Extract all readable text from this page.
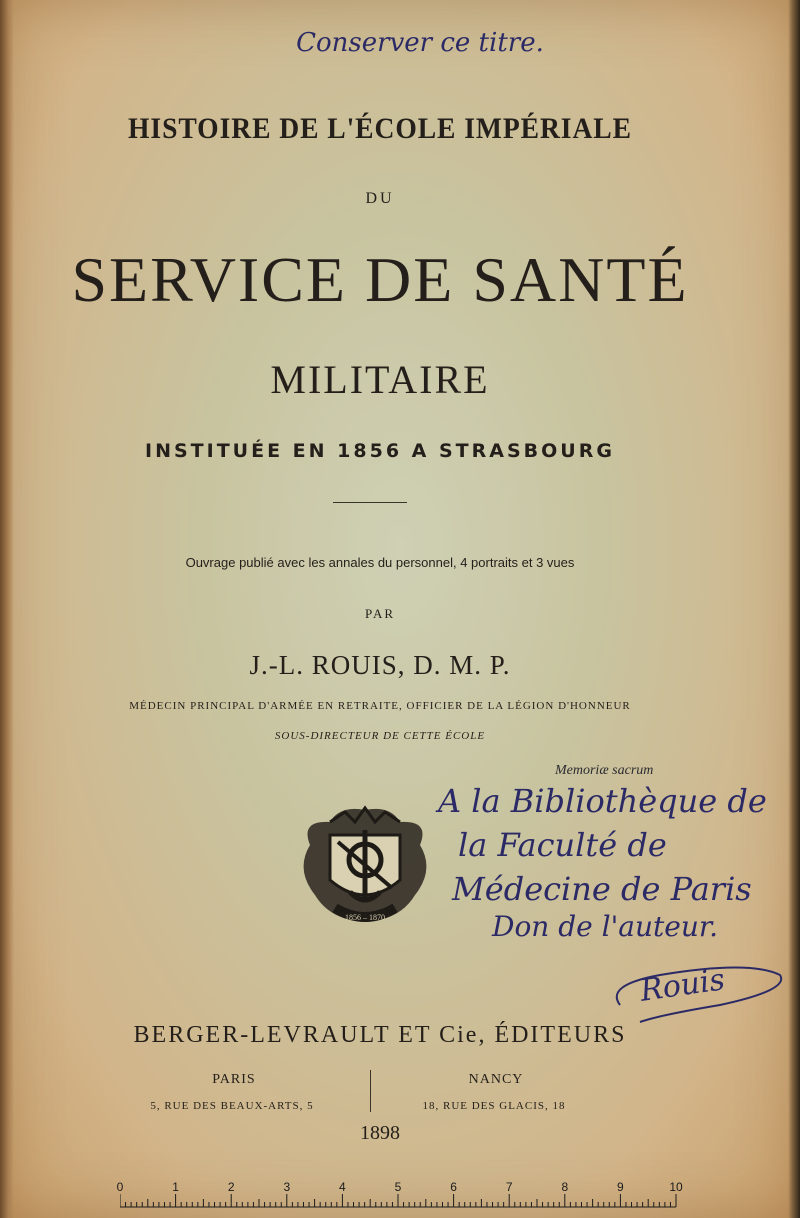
Conserver ce titre.
HISTOIRE DE L'ÉCOLE IMPÉRIALE
DU
SERVICE DE SANTÉ
MILITAIRE
INSTITUÉE EN 1856 A STRASBOURG
Ouvrage publié avec les annales du personnel, 4 portraits et 3 vues
PAR
J.-L. ROUIS, D. M. P.
MÉDECIN PRINCIPAL D'ARMÉE EN RETRAITE, OFFICIER DE LA LÉGION D'HONNEUR
SOUS-DIRECTEUR DE CETTE ÉCOLE
Memoriæ sacrum
1856 – 1870
A la Bibliothèque de
la Faculté de
Médecine de Paris
Don de l'auteur.
Rouis
BERGER-LEVRAULT ET Cie, ÉDITEURS
PARIS
5, RUE DES BEAUX-ARTS, 5
NANCY
18, RUE DES GLACIS, 18
1898
0	1	2	3	4	5	6	7	8	9	10
